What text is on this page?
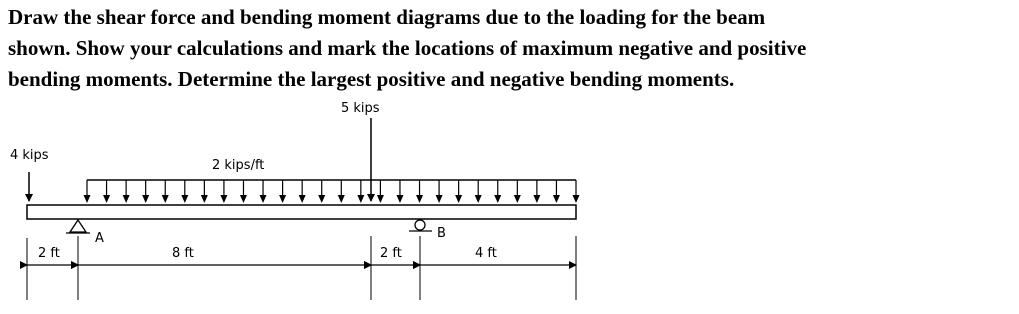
Draw the shear force and bending moment diagrams due to the loading for the beam
shown. Show your calculations and mark the locations of maximum negative and positive
bending moments. Determine the largest positive and negative bending moments.
2 kips/ft
4 kips
5 kips
A	B
2 ft	8 ft	2 ft	4 ft
